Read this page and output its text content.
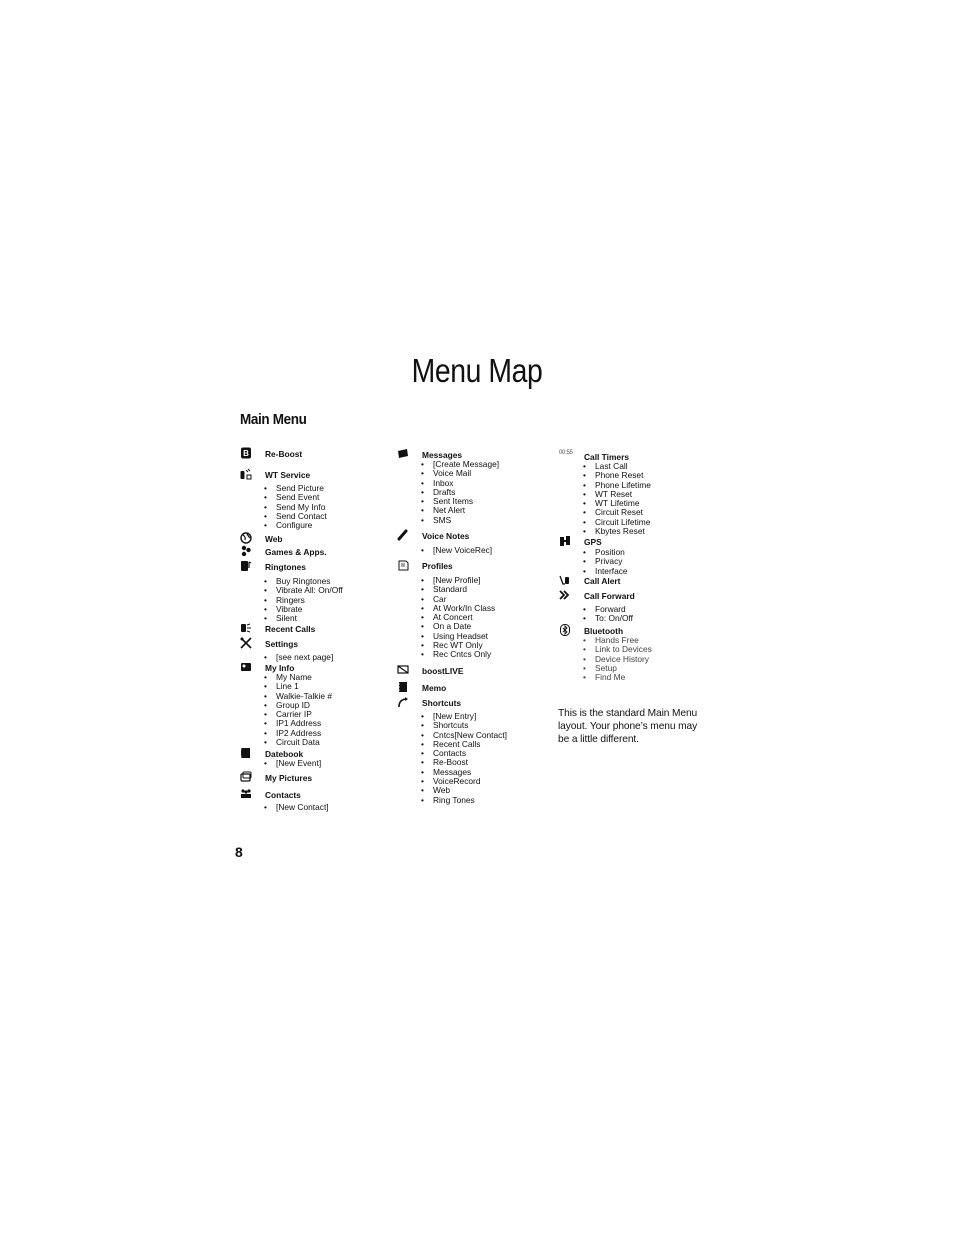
Menu Map
Main Menu
B Re-Boost
WT Service
• Send Picture
• Send Event
• Send My Info
• Send Contact
• Configure
Web
Games & Apps.
Ringtones
• Buy Ringtones
• Vibrate All: On/Off
• Ringers
• Vibrate
• Silent
Recent Calls
Settings
• [see next page]
My Info
• My Name
• Line 1
• Walkie-Talkie #
• Group ID
• Carrier IP
• IP1 Address
• IP2 Address
• Circuit Data
Datebook
• [New Event]
My Pictures
Contacts
• [New Contact]
Messages
• [Create Message]
• Voice Mail
• Inbox
• Drafts
• Sent Items
• Net Alert
• SMS
Voice Notes
• [New VoiceRec]
Profiles
• [New Profile]
• Standard
• Car
• At Work/In Class
• At Concert
• On a Date
• Using Headset
• Rec WT Only
• Rec Cntcs Only
boostLIVE
Memo
Shortcuts
• [New Entry]
• Shortcuts
• Cntcs[New Contact]
• Recent Calls
• Contacts
• Re-Boost
• Messages
• VoiceRecord
• Web
• Ring Tones
00:55 Call Timers
• Last Call
• Phone Reset
• Phone Lifetime
• WT Reset
• WT Lifetime
• Circuit Reset
• Circuit Lifetime
• Kbytes Reset
GPS
• Position
• Privacy
• Interface
Call Alert
Call Forward
• Forward
• To: On/Off
Bluetooth
• Hands Free
• Link to Devices
• Device History
• Setup
• Find Me
This is the standard Main Menu layout. Your phone’s menu may be a little different.
8
